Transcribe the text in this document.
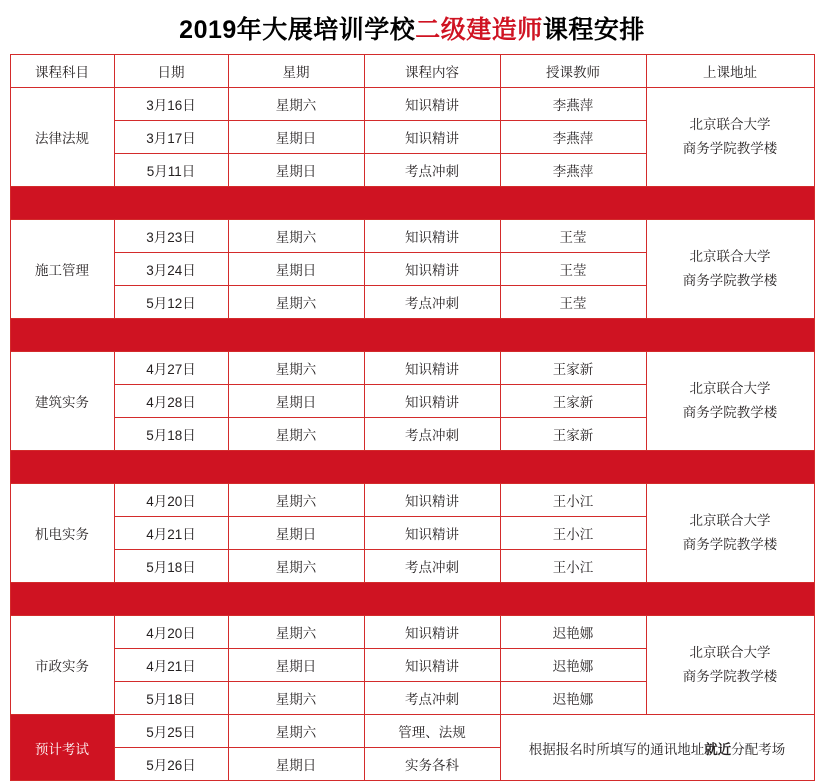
2019年大展培训学校二级建造师课程安排
课程科目	日期	星期	课程内容	授课教师	上课地址
法律法规	3月16日	星期六	知识精讲	李燕萍	北京联合大学
商务学院教学楼

	3月17日	星期日	知识精讲	李燕萍	
	5月11日	星期日	考点冲刺	李燕萍	

施工管理	3月23日	星期六	知识精讲	王莹	北京联合大学
商务学院教学楼

	3月24日	星期日	知识精讲	王莹	
	5月12日	星期六	考点冲刺	王莹	

建筑实务	4月27日	星期六	知识精讲	王家新	北京联合大学
商务学院教学楼

	4月28日	星期日	知识精讲	王家新	
	5月18日	星期六	考点冲刺	王家新	

机电实务	4月20日	星期六	知识精讲	王小江	北京联合大学
商务学院教学楼

	4月21日	星期日	知识精讲	王小江	
	5月18日	星期六	考点冲刺	王小江	

市政实务	4月20日	星期六	知识精讲	迟艳娜	北京联合大学
商务学院教学楼

	4月21日	星期日	知识精讲	迟艳娜	
	5月18日	星期六	考点冲刺	迟艳娜	
预计考试	5月25日	星期六	管理、法规	根据报名时所填写的通讯地址就近分配考场	
	5月26日	星期日	实务各科		
